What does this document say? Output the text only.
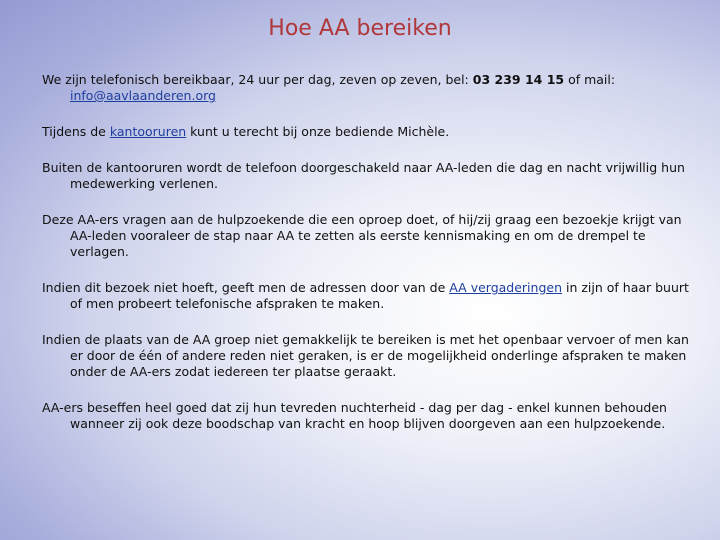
Hoe AA bereiken

We zijn telefonisch bereikbaar, 24 uur per dag, zeven op zeven, bel: 03 239 14 15 of mail: info@aavlaanderen.org

Tijdens de kantooruren kunt u terecht bij onze bediende Michèle.

Buiten de kantooruren wordt de telefoon doorgeschakeld naar AA-leden die dag en nacht vrijwillig hun medewerking verlenen.

Deze AA-ers vragen aan de hulpzoekende die een oproep doet, of hij/zij graag een bezoekje krijgt van AA-leden vooraleer de stap naar AA te zetten als eerste kennismaking en om de drempel te verlagen.

Indien dit bezoek niet hoeft, geeft men de adressen door van de AA vergaderingen in zijn of haar buurt of men probeert telefonische afspraken te maken.

Indien de plaats van de AA groep niet gemakkelijk te bereiken is met het openbaar vervoer of men kan er door de één of andere reden niet geraken, is er de mogelijkheid onderlinge afspraken te maken onder de AA-ers zodat iedereen ter plaatse geraakt.

AA-ers beseffen heel goed dat zij hun tevreden nuchterheid - dag per dag - enkel kunnen behouden wanneer zij ook deze boodschap van kracht en hoop blijven doorgeven aan een hulpzoekende.
